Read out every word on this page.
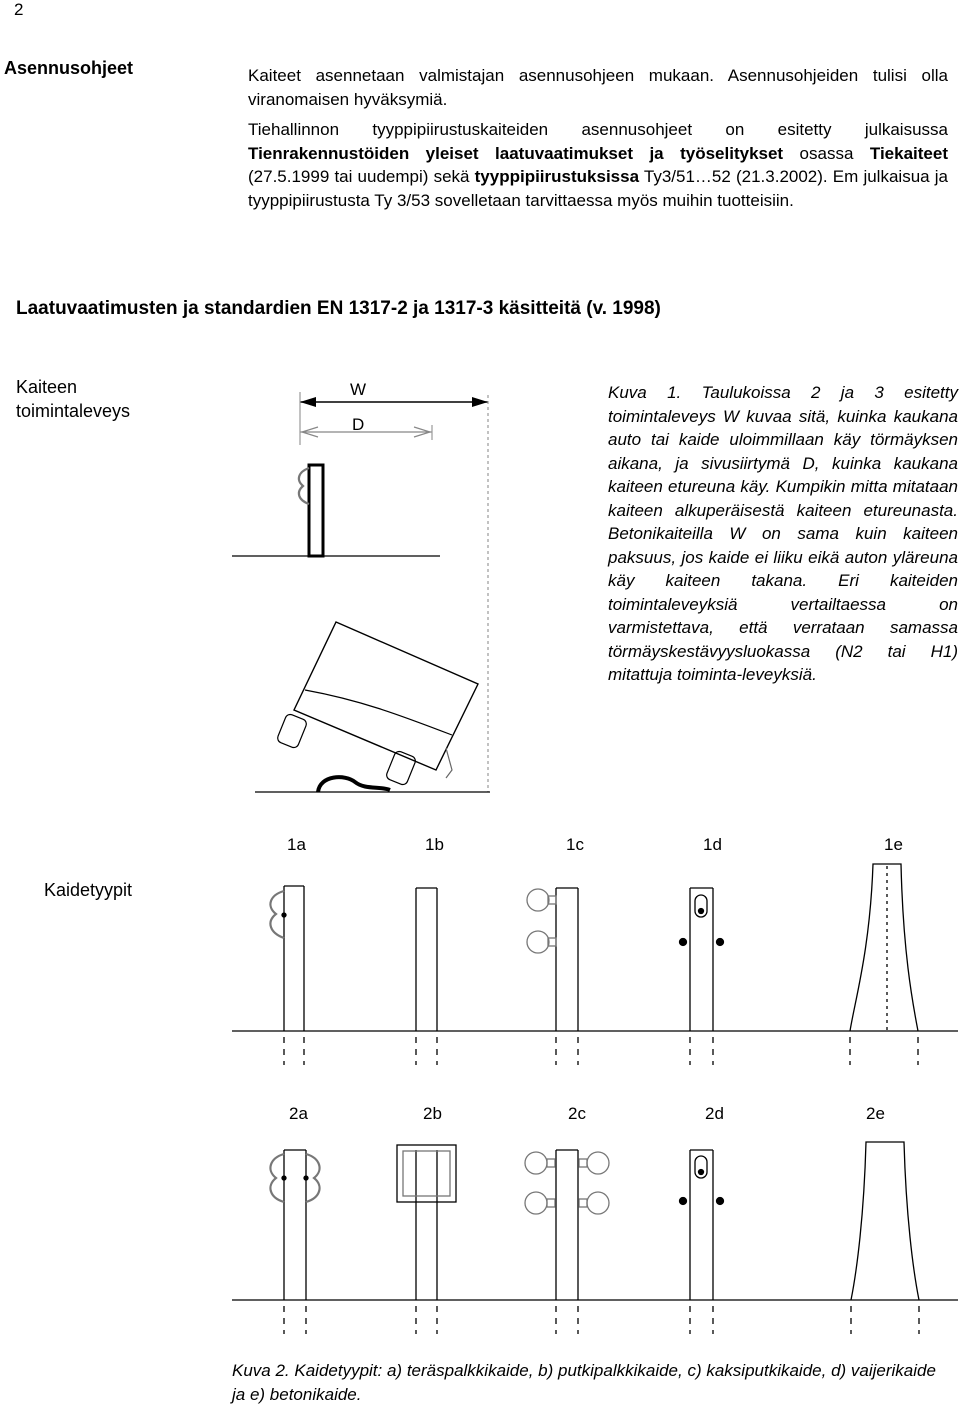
2
Asennusohjeet	Kaiteet asennetaan valmistajan asennusohjeen mukaan. Asennusohjeiden tulisi olla viranomaisen hyväksymiä.

Tiehallinnon tyyppipiirustuskaiteiden asennusohjeet on esitetty julkaisussa Tienrakennustöiden yleiset laatuvaatimukset ja työselitykset osassa Tiekaiteet (27.5.1999 tai uudempi) sekä tyyppipiirustuksissa Ty3/51…52 (21.3.2002). Em julkaisua ja tyyppipiirustusta Ty 3/53 sovelletaan tarvittaessa myös muihin tuotteisiin.

Laatuvaatimusten ja standardien EN 1317-2 ja 1317-3 käsitteitä (v. 1998)
Kaiteen
toimintaleveys
Kuva 1. Taulukoissa 2 ja 3 esitetty toimintaleveys W kuvaa sitä, kuinka kaukana auto tai kaide uloimmillaan käy törmäyksen aikana, ja sivusiirtymä D, kuinka kaukana kaiteen etureuna käy. Kumpikin mitta mitataan kaiteen alkuperäisestä kaiteen etureunasta. Betonikaiteilla W on sama kuin kaiteen paksuus, jos kaide ei liiku eikä auton yläreuna käy kaiteen takana. Eri kaiteiden toimintaleveyksiä vertailtaessa on varmistettava, että verrataan samassa törmäyskestävyysluokassa (N2 tai H1) mitattuja toiminta-leveyksiä.
W
D
Kaidetyypit
1a	1b	1c	1d	1e
2a	2b	2c	2d	2e
Kuva 2. Kaidetyypit: a) teräspalkkikaide, b) putkipalkkikaide, c) kaksiputkikaide, d) vaijerikaide ja e) betonikaide.
